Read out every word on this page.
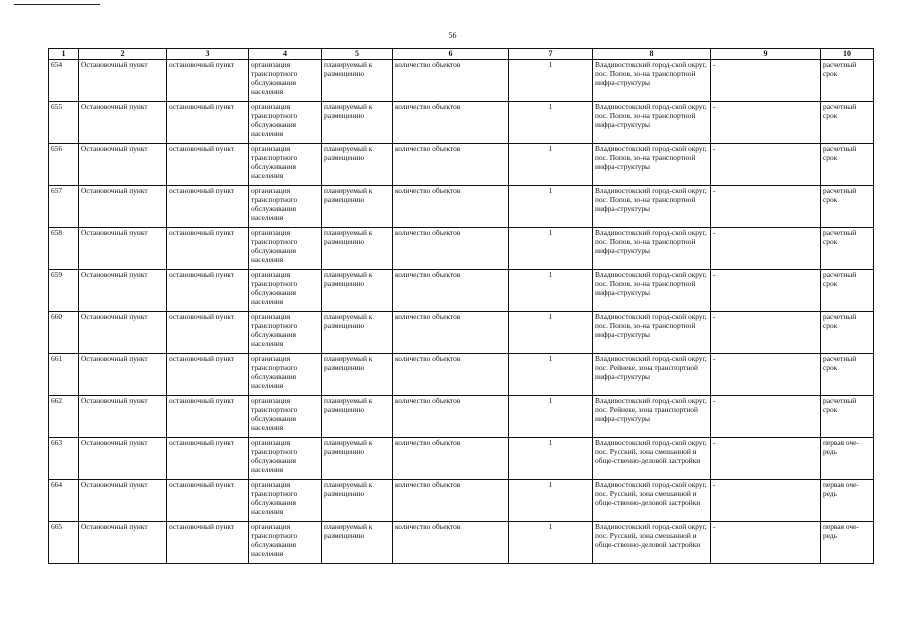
56
1	2	3	4	5	6	7	8	9	10
654	Остановочный пункт	остановочный пункт	организация транспортного обслуживания населения	планируемый к размещению	количество объектов	1	Владивостокский город-ской округ, пос. Попов, зо-на транспортной инфра-структуры	-	расчетный срок
655	Остановочный пункт	остановочный пункт	организация транспортного обслуживания населения	планируемый к размещению	количество объектов	1	Владивостокский город-ской округ, пос. Попов, зо-на транспортной инфра-структуры	-	расчетный срок
656	Остановочный пункт	остановочный пункт	организация транспортного обслуживания населения	планируемый к размещению	количество объектов	1	Владивостокский город-ской округ, пос. Попов, зо-на транспортной инфра-структуры	-	расчетный срок
657	Остановочный пункт	остановочный пункт	организация транспортного обслуживания населения	планируемый к размещению	количество объектов	1	Владивостокский город-ской округ, пос. Попов, зо-на транспортной инфра-структуры	-	расчетный срок
658	Остановочный пункт	остановочный пункт	организация транспортного обслуживания населения	планируемый к размещению	количество объектов	1	Владивостокский город-ской округ, пос. Попов, зо-на транспортной инфра-структуры	-	расчетный срок
659	Остановочный пункт	остановочный пункт	организация транспортного обслуживания населения	планируемый к размещению	количество объектов	1	Владивостокский город-ской округ, пос. Попов, зо-на транспортной инфра-структуры	-	расчетный срок
660	Остановочный пункт	остановочный пункт	организация транспортного обслуживания населения	планируемый к размещению	количество объектов	1	Владивостокский город-ской округ, пос. Попов, зо-на транспортной инфра-структуры	-	расчетный срок
661	Остановочный пункт	остановочный пункт	организация транспортного обслуживания населения	планируемый к размещению	количество объектов	1	Владивостокский город-ской округ, пос. Рейнеке, зона транспортной инфра-структуры	-	расчетный срок
662	Остановочный пункт	остановочный пункт	организация транспортного обслуживания населения	планируемый к размещению	количество объектов	1	Владивостокский город-ской округ, пос. Рейнеке, зона транспортной инфра-структуры	-	расчетный срок
663	Остановочный пункт	остановочный пункт	организация транспортного обслуживания населения	планируемый к размещению	количество объектов	1	Владивостокский город-ской округ, пос. Русский, зона смешанной и обще-ственно-деловой застройки	-	первая оче-редь
664	Остановочный пункт	остановочный пункт	организация транспортного обслуживания населения	планируемый к размещению	количество объектов	1	Владивостокский город-ской округ, пос. Русский, зона смешанной и обще-ственно-деловой застройки	-	первая оче-редь
665	Остановочный пункт	остановочный пункт	организация транспортного обслуживания населения	планируемый к размещению	количество объектов	1	Владивостокский город-ской округ, пос. Русский, зона смешанной и обще-ственно-деловой застройки	-	первая оче-редь
